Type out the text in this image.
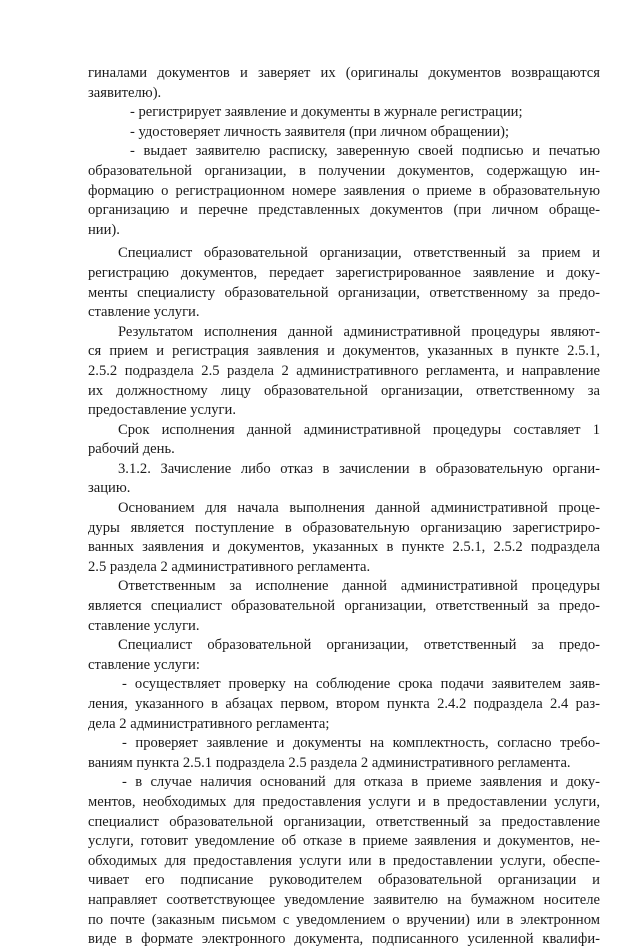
гиналами документов и заверяет их (оригиналы документов возвращаются
заявителю).
- регистрирует заявление и документы в журнале регистрации;
- удостоверяет личность заявителя (при личном обращении);
- выдает заявителю расписку, заверенную своей подписью и печатью
образовательной организации, в получении документов, содержащую ин-
формацию о регистрационном номере заявления о приеме в образовательную
организацию и перечне представленных документов (при личном обраще-
нии).
Специалист образовательной организации, ответственный за прием и
регистрацию документов, передает зарегистрированное заявление и доку-
менты специалисту образовательной организации, ответственному за предо-
ставление услуги.
Результатом исполнения данной административной процедуры являют-
ся прием и регистрация заявления и документов, указанных в пункте 2.5.1,
2.5.2 подраздела 2.5 раздела 2 административного регламента, и направление
их должностному лицу образовательной организации, ответственному за
предоставление услуги.
Срок исполнения данной административной процедуры составляет 1
рабочий день.
3.1.2. Зачисление либо отказ в зачислении в образовательную органи-
зацию.
Основанием для начала выполнения данной административной проце-
дуры является поступление в образовательную организацию зарегистриро-
ванных заявления и документов, указанных в пункте 2.5.1, 2.5.2 подраздела
2.5 раздела 2 административного регламента.
Ответственным за исполнение данной административной процедуры
является специалист образовательной организации, ответственный за предо-
ставление услуги.
Специалист образовательной организации, ответственный за предо-
ставление услуги:
- осуществляет проверку на соблюдение срока подачи заявителем заяв-
ления, указанного в абзацах первом, втором пункта 2.4.2 подраздела 2.4 раз-
дела 2 административного регламента;
- проверяет заявление и документы на комплектность, согласно требо-
ваниям пункта 2.5.1 подраздела 2.5 раздела 2 административного регламента.
- в случае наличия оснований для отказа в приеме заявления и доку-
ментов, необходимых для предоставления услуги и в предоставлении услуги,
специалист образовательной организации, ответственный за предоставление
услуги, готовит уведомление об отказе в приеме заявления и документов, не-
обходимых для предоставления услуги или в предоставлении услуги, обеспе-
чивает его подписание руководителем образовательной организации и
направляет соответствующее уведомление заявителю на бумажном носителе
по почте (заказным письмом с уведомлением о вручении) или в электронном
виде в формате электронного документа, подписанного усиленной квалифи-
